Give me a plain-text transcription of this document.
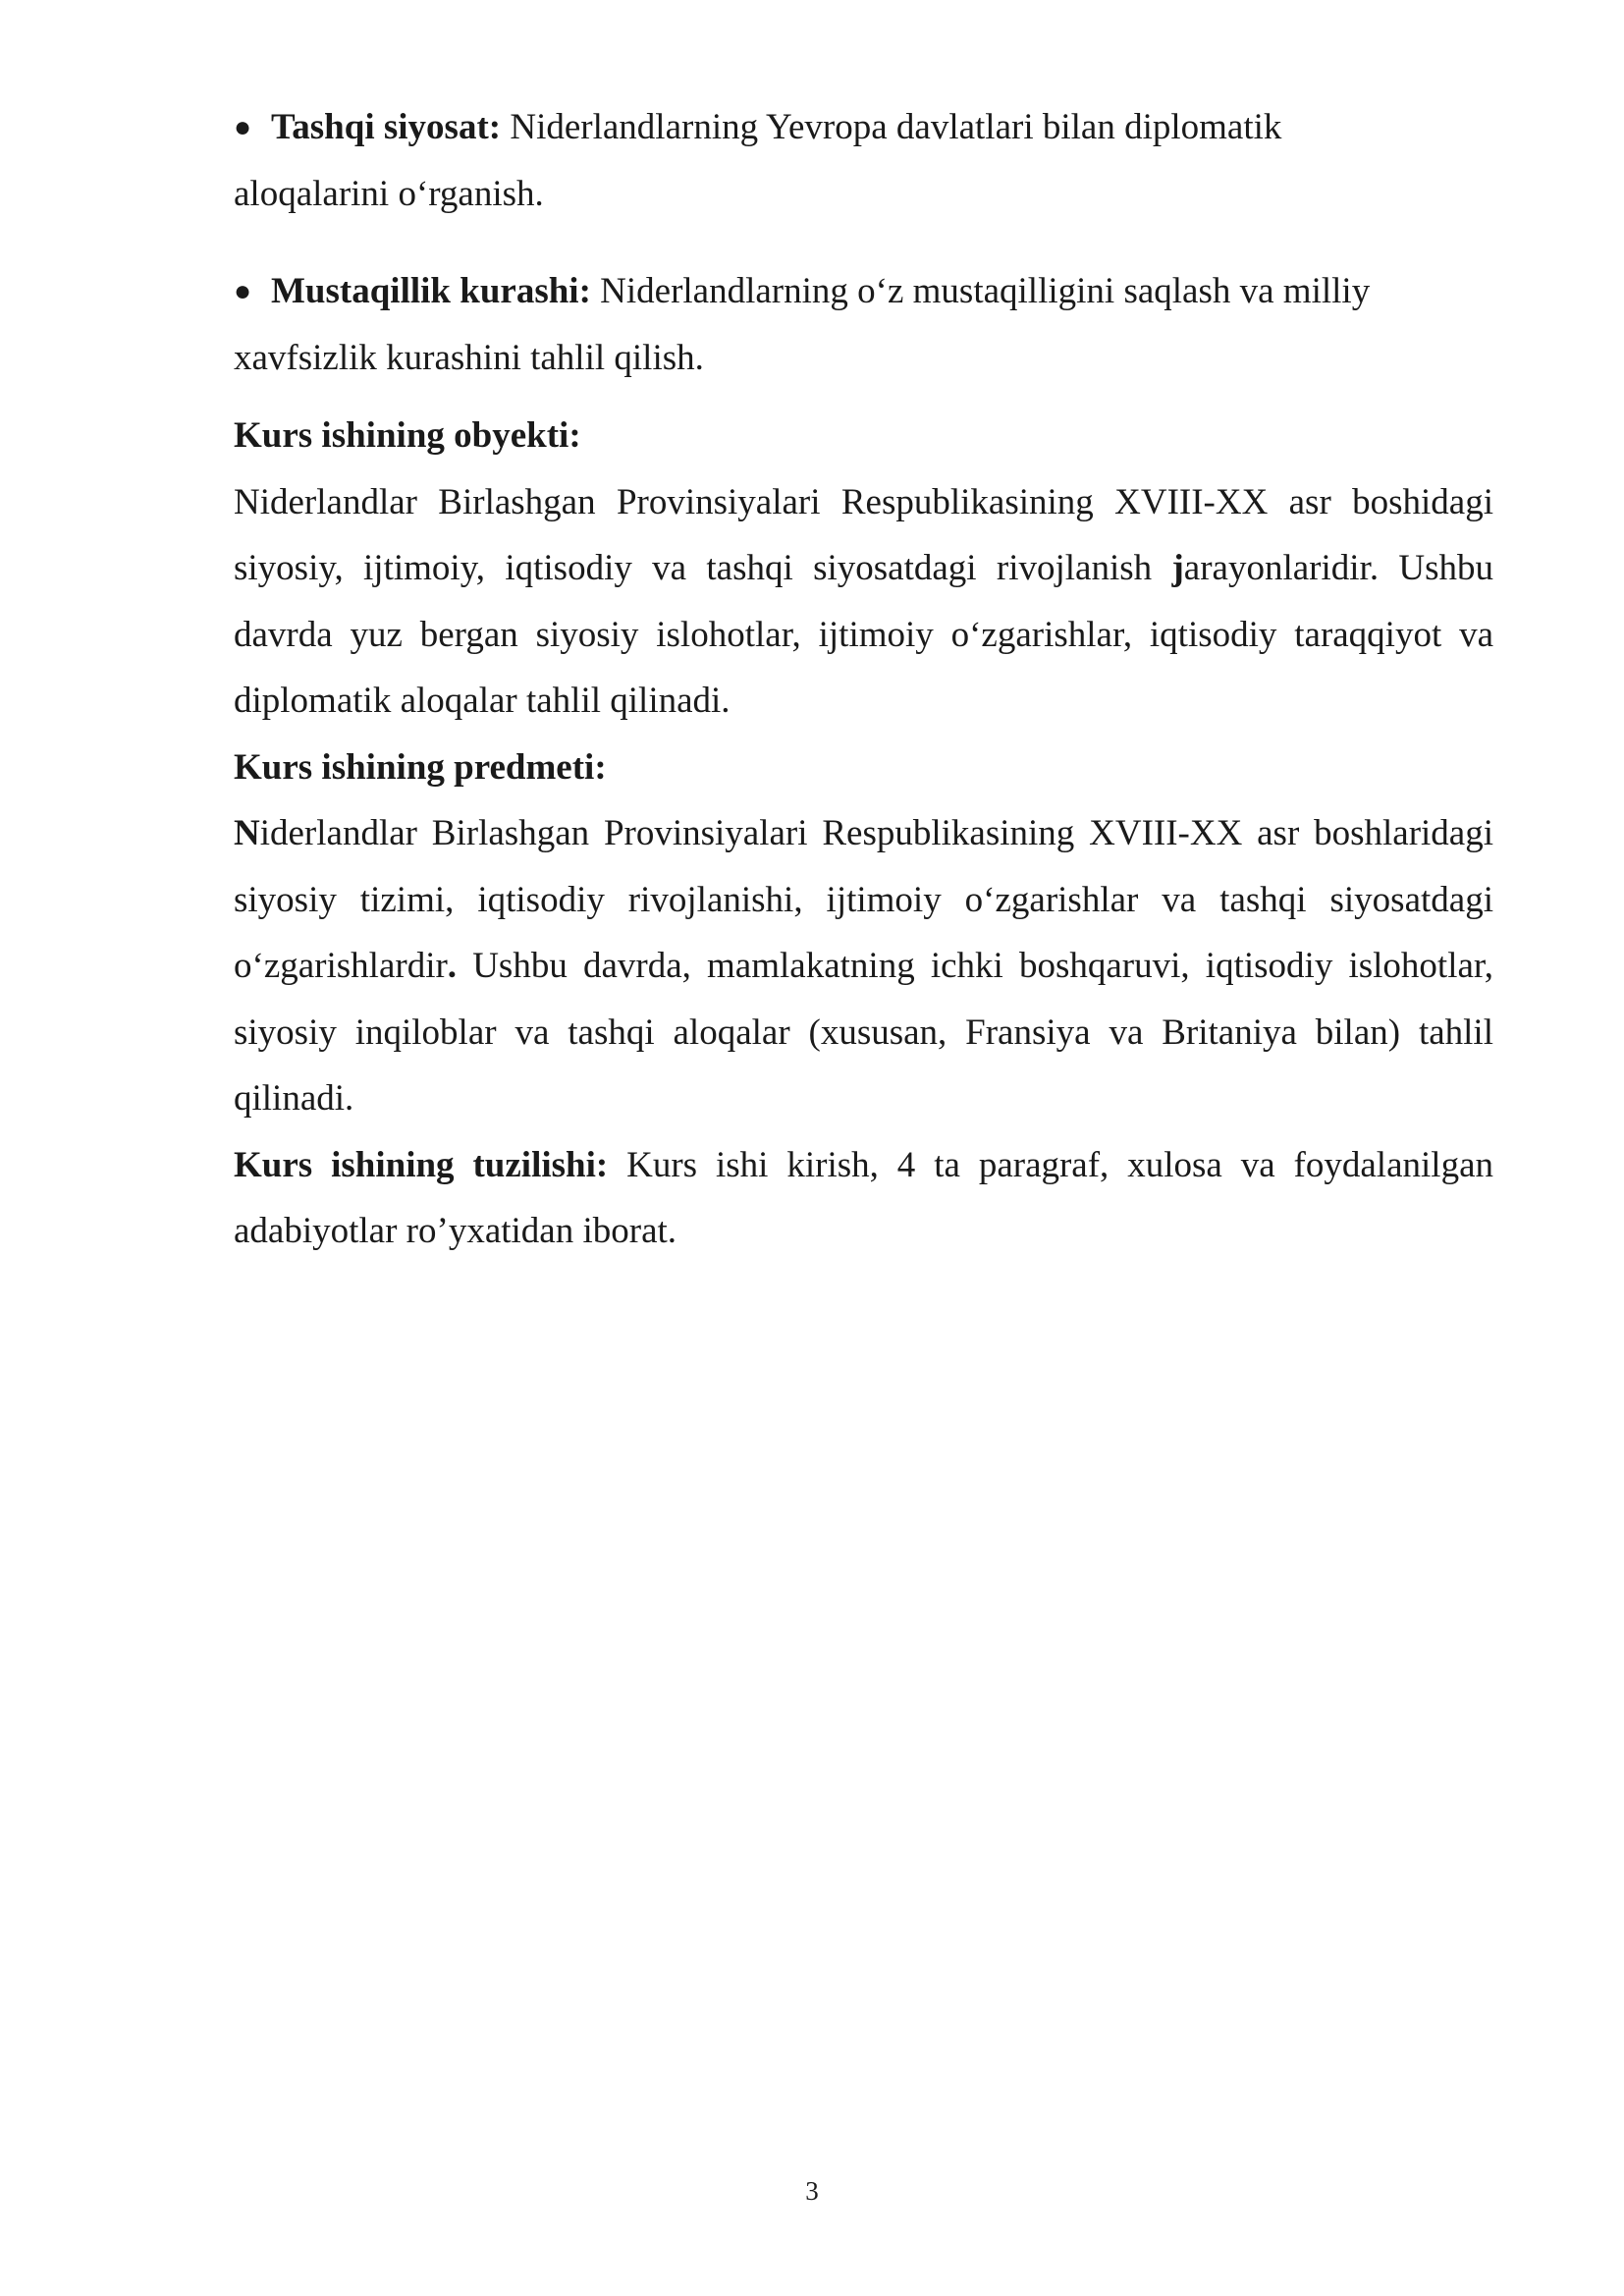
● Tashqi siyosat: Niderlandlarning Yevropa davlatlari bilan diplomatik
aloqalarini o‘rganish.
● Mustaqillik kurashi: Niderlandlarning o‘z mustaqilligini saqlash va milliy
xavfsizlik kurashini tahlil qilish.

Kurs ishining obyekti:

Niderlandlar Birlashgan Provinsiyalari Respublikasining XVIII-XX asr boshidagi siyosiy, ijtimoiy, iqtisodiy va tashqi siyosatdagi rivojlanish jarayonlaridir. Ushbu davrda yuz bergan siyosiy islohotlar, ijtimoiy o‘zgarishlar, iqtisodiy taraqqiyot va diplomatik aloqalar tahlil qilinadi.

Kurs ishining predmeti:

Niderlandlar Birlashgan Provinsiyalari Respublikasining XVIII-XX asr boshlaridagi siyosiy tizimi, iqtisodiy rivojlanishi, ijtimoiy o‘zgarishlar va tashqi siyosatdagi o‘zgarishlardir. Ushbu davrda, mamlakatning ichki boshqaruvi, iqtisodiy islohotlar, siyosiy inqiloblar va tashqi aloqalar (xususan, Fransiya va Britaniya bilan) tahlil qilinadi.

Kurs ishining tuzilishi: Kurs ishi kirish, 4 ta paragraf, xulosa va foydalanilgan adabiyotlar ro’yxatidan iborat.

3
